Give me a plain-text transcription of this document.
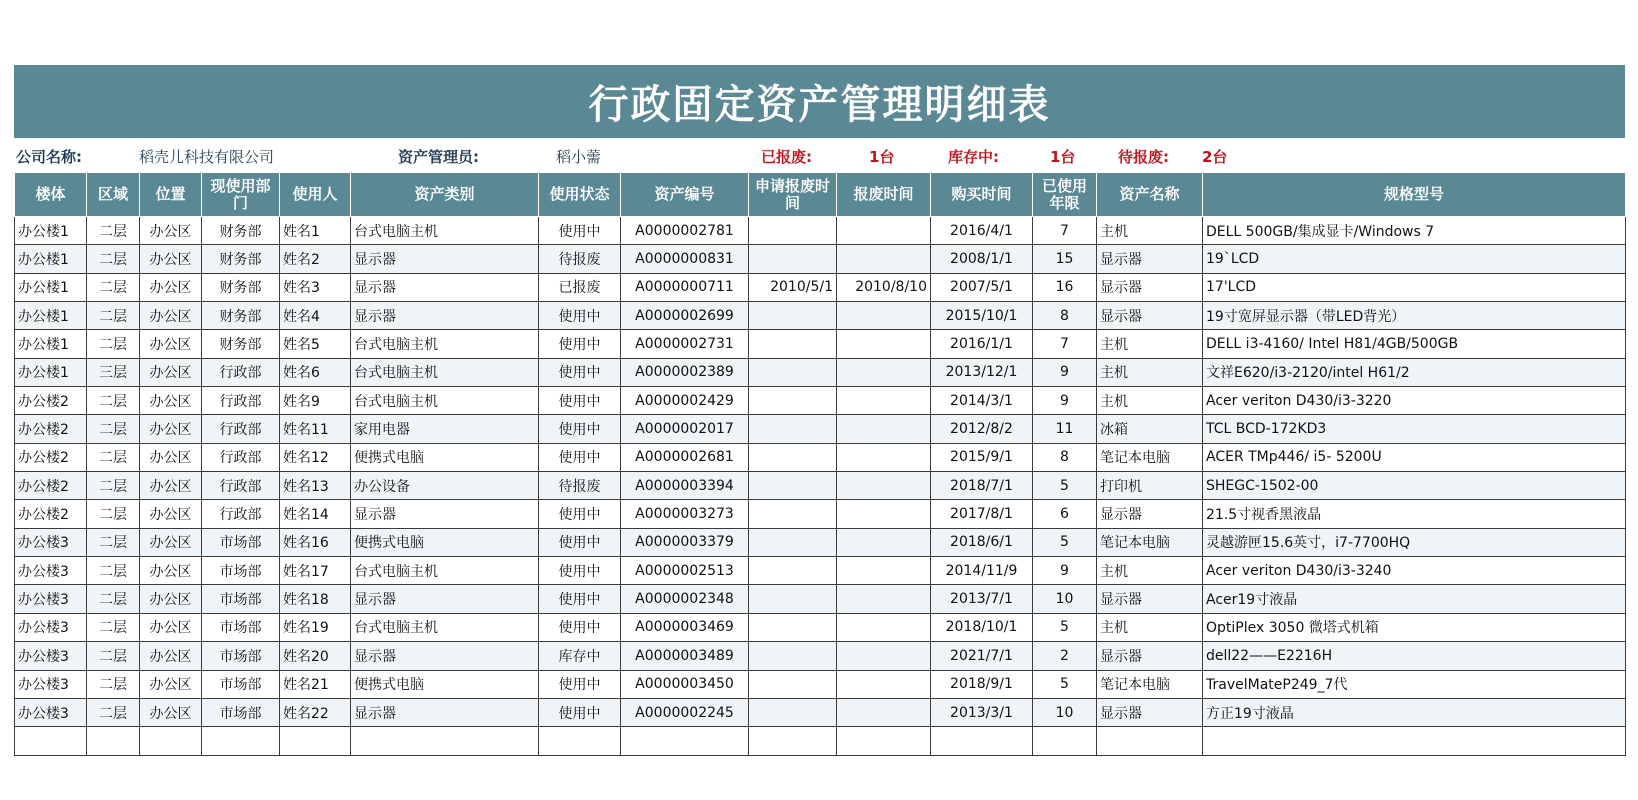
行政固定资产管理明细表
公司名称:	稻壳儿科技有限公司	资产管理员:	稻小薷	已报废:	1台	库存中:	1台	待报废: 2台
楼体	区域	位置	现使用部门	使用人	资产类别	使用状态	资产编号	申请报废时间	报废时间	购买时间	已使用年限	资产名称	规格型号
办公楼1	二层	办公区	财务部	姓名1	台式电脑主机	使用中	A0000002781			2016/4/1	7	主机	DELL 500GB/集成显卡/Windows 7
办公楼1	二层	办公区	财务部	姓名2	显示器	待报废	A0000000831			2008/1/1	15	显示器	19`LCD
办公楼1	二层	办公区	财务部	姓名3	显示器	已报废	A0000000711	2010/5/1	2010/8/10	2007/5/1	16	显示器	17'LCD
办公楼1	二层	办公区	财务部	姓名4	显示器	使用中	A0000002699			2015/10/1	8	显示器	19寸宽屏显示器（带LED背光）
办公楼1	二层	办公区	财务部	姓名5	台式电脑主机	使用中	A0000002731			2016/1/1	7	主机	DELL i3-4160/ Intel H81/4GB/500GB
办公楼1	三层	办公区	行政部	姓名6	台式电脑主机	使用中	A0000002389			2013/12/1	9	主机	文祥E620/i3-2120/intel H61/2
办公楼2	二层	办公区	行政部	姓名9	台式电脑主机	使用中	A0000002429			2014/3/1	9	主机	Acer veriton D430/i3-3220
办公楼2	二层	办公区	行政部	姓名11	家用电器	使用中	A0000002017			2012/8/2	11	冰箱	TCL BCD-172KD3
办公楼2	二层	办公区	行政部	姓名12	便携式电脑	使用中	A0000002681			2015/9/1	8	笔记本电脑	ACER TMp446/ i5- 5200U
办公楼2	二层	办公区	行政部	姓名13	办公设备	待报废	A0000003394			2018/7/1	5	打印机	SHEGC-1502-00
办公楼2	二层	办公区	行政部	姓名14	显示器	使用中	A0000003273			2017/8/1	6	显示器	21.5寸视香黑液晶
办公楼3	二层	办公区	市场部	姓名16	便携式电脑	使用中	A0000003379			2018/6/1	5	笔记本电脑	灵越游匣15.6英寸，i7-7700HQ
办公楼3	二层	办公区	市场部	姓名17	台式电脑主机	使用中	A0000002513			2014/11/9	9	主机	Acer veriton D430/i3-3240
办公楼3	二层	办公区	市场部	姓名18	显示器	使用中	A0000002348			2013/7/1	10	显示器	Acer19寸液晶
办公楼3	二层	办公区	市场部	姓名19	台式电脑主机	使用中	A0000003469			2018/10/1	5	主机	OptiPlex 3050 微塔式机箱
办公楼3	二层	办公区	市场部	姓名20	显示器	库存中	A0000003489			2021/7/1	2	显示器	dell22——E2216H
办公楼3	二层	办公区	市场部	姓名21	便携式电脑	使用中	A0000003450			2018/9/1	5	笔记本电脑	TravelMateP249_7代
办公楼3	二层	办公区	市场部	姓名22	显示器	使用中	A0000002245			2013/3/1	10	显示器	方正19寸液晶
